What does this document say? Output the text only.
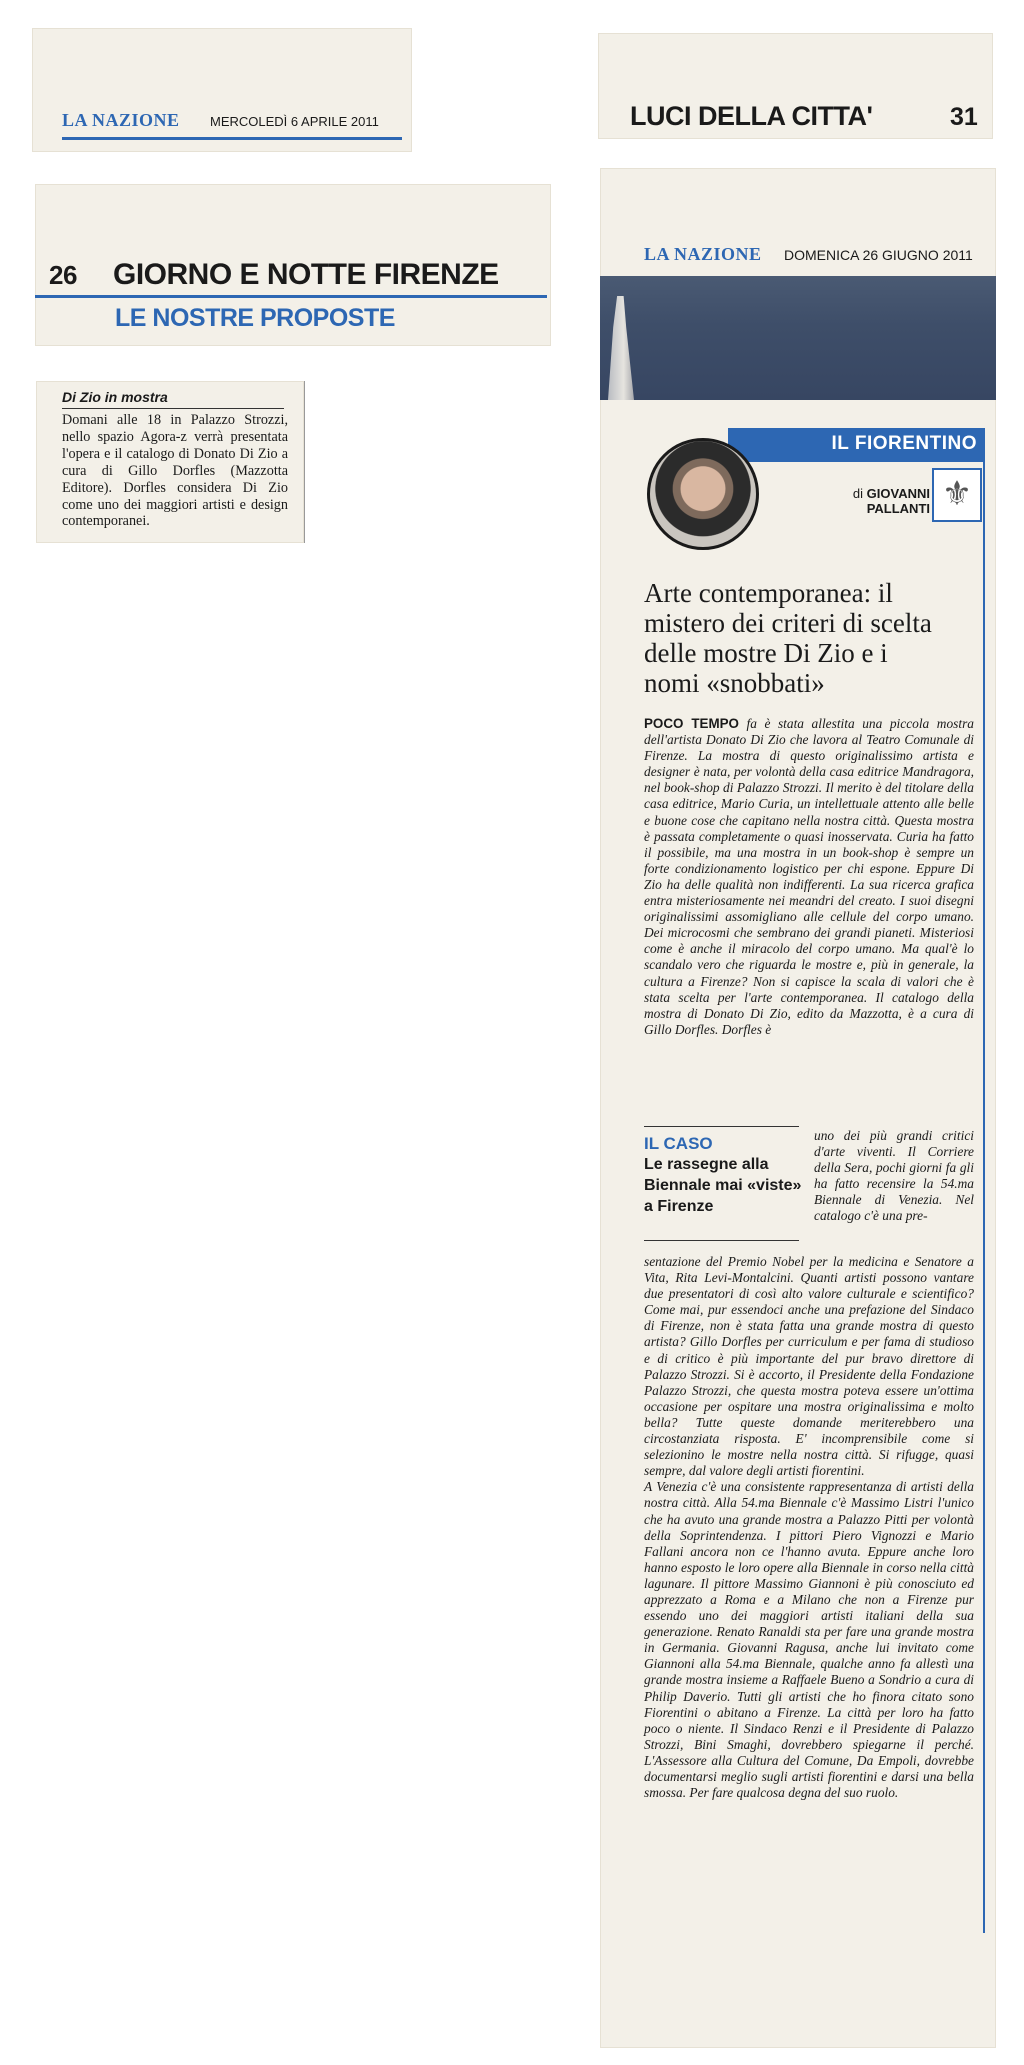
LA NAZIONE MERCOLEDÌ 6 APRILE 2011
26 GIORNO E NOTTE FIRENZE
LE NOSTRE PROPOSTE
Di Zio in mostra
Domani alle 18 in Palazzo Strozzi, nello spazio Agora-z verrà presentata l'opera e il catalogo di Donato Di Zio a cura di Gillo Dorfles (Mazzotta Editore). Dorfles considera Di Zio come uno dei maggiori artisti e design contemporanei.
LUCI DELLA CITTA'	31
LA NAZIONE DOMENICA 26 GIUGNO 2011
IL FIORENTINO
di GIOVANNI PALLANTI ⚜
Arte contemporanea: il mistero dei criteri di scelta delle mostre Di Zio e i nomi «snobbati»
POCO TEMPO fa è stata allestita una piccola mostra dell'artista Donato Di Zio che lavora al Teatro Comunale di Firenze. La mostra di questo originalissimo artista e designer è nata, per volontà della casa editrice Mandragora, nel book-shop di Palazzo Strozzi. Il merito è del titolare della casa editrice, Mario Curia, un intellettuale attento alle belle e buone cose che capitano nella nostra città. Questa mostra è passata completamente o quasi inosservata. Curia ha fatto il possibile, ma una mostra in un book-shop è sempre un forte condizionamento logistico per chi espone. Eppure Di Zio ha delle qualità non indifferenti. La sua ricerca grafica entra misteriosamente nei meandri del creato. I suoi disegni originalissimi assomigliano alle cellule del corpo umano. Dei microcosmi che sembrano dei grandi pianeti. Misteriosi come è anche il miracolo del corpo umano. Ma qual'è lo scandalo vero che riguarda le mostre e, più in generale, la cultura a Firenze? Non si capisce la scala di valori che è stata scelta per l'arte contemporanea. Il catalogo della mostra di Donato Di Zio, edito da Mazzotta, è a cura di Gillo Dorfles. Dorfles è
IL CASO
Le rassegne alla Biennale mai «viste» a Firenze
uno dei più grandi critici d'arte viventi. Il Corriere della Sera, pochi giorni fa gli ha fatto recensire la 54.ma Biennale di Venezia. Nel catalogo c'è una pre-

sentazione del Premio Nobel per la medicina e Senatore a Vita, Rita Levi-Montalcini. Quanti artisti possono vantare due presentatori di così alto valore culturale e scientifico? Come mai, pur essendoci anche una prefazione del Sindaco di Firenze, non è stata fatta una grande mostra di questo artista? Gillo Dorfles per curriculum e per fama di studioso e di critico è più importante del pur bravo direttore di Palazzo Strozzi. Si è accorto, il Presidente della Fondazione Palazzo Strozzi, che questa mostra poteva essere un'ottima occasione per ospitare una mostra originalissima e molto bella? Tutte queste domande meriterebbero una circostanziata risposta. E' incomprensibile come si selezionino le mostre nella nostra città. Si rifugge, quasi sempre, dal valore degli artisti fiorentini.

A Venezia c'è una consistente rappresentanza di artisti della nostra città. Alla 54.ma Biennale c'è Massimo Listri l'unico che ha avuto una grande mostra a Palazzo Pitti per volontà della Soprintendenza. I pittori Piero Vignozzi e Mario Fallani ancora non ce l'hanno avuta. Eppure anche loro hanno esposto le loro opere alla Biennale in corso nella città lagunare. Il pittore Massimo Giannoni è più conosciuto ed apprezzato a Roma e a Milano che non a Firenze pur essendo uno dei maggiori artisti italiani della sua generazione. Renato Ranaldi sta per fare una grande mostra in Germania. Giovanni Ragusa, anche lui invitato come Giannoni alla 54.ma Biennale, qualche anno fa allestì una grande mostra insieme a Raffaele Bueno a Sondrio a cura di Philip Daverio. Tutti gli artisti che ho finora citato sono Fiorentini o abitano a Firenze. La città per loro ha fatto poco o niente. Il Sindaco Renzi e il Presidente di Palazzo Strozzi, Bini Smaghi, dovrebbero spiegarne il perché. L'Assessore alla Cultura del Comune, Da Empoli, dovrebbe documentarsi meglio sugli artisti fiorentini e darsi una bella smossa. Per fare qualcosa degna del suo ruolo.
